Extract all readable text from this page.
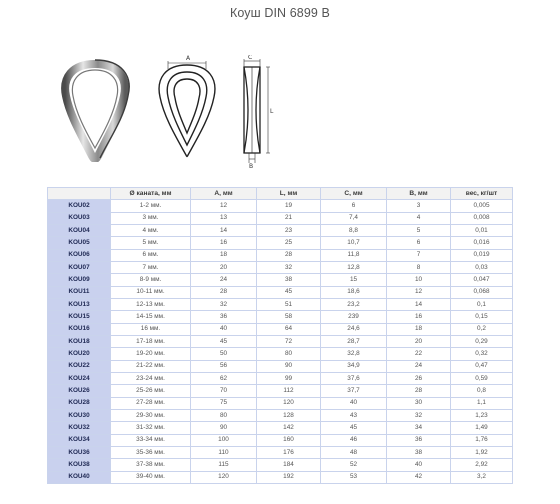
Коуш DIN 6899 B
A	C
L
B
	Ø каната, мм	A, мм	L, мм	C, мм	B, мм	вес, кг/шт
KOU02	1-2 мм.	12	19	6	3	0,005
KOU03	3 мм.	13	21	7,4	4	0,008
KOU04	4 мм.	14	23	8,8	5	0,01
KOU05	5 мм.	16	25	10,7	6	0,016
KOU06	6 мм.	18	28	11,8	7	0,019
KOU07	7 мм.	20	32	12,8	8	0,03
KOU09	8-9 мм.	24	38	15	10	0,047
KOU11	10-11 мм.	28	45	18,6	12	0,068
KOU13	12-13 мм.	32	51	23,2	14	0,1
KOU15	14-15 мм.	36	58	239	16	0,15
KOU16	16 мм.	40	64	24,6	18	0,2
KOU18	17-18 мм.	45	72	28,7	20	0,29
KOU20	19-20 мм.	50	80	32,8	22	0,32
KOU22	21-22 мм.	56	90	34,9	24	0,47
KOU24	23-24 мм.	62	99	37,6	26	0,59
KOU26	25-26 мм.	70	112	37,7	28	0,8
KOU28	27-28 мм.	75	120	40	30	1,1
KOU30	29-30 мм.	80	128	43	32	1,23
KOU32	31-32 мм.	90	142	45	34	1,49
KOU34	33-34 мм.	100	160	46	36	1,76
KOU36	35-36 мм.	110	176	48	38	1,92
KOU38	37-38 мм.	115	184	52	40	2,92
KOU40	39-40 мм.	120	192	53	42	3,2
